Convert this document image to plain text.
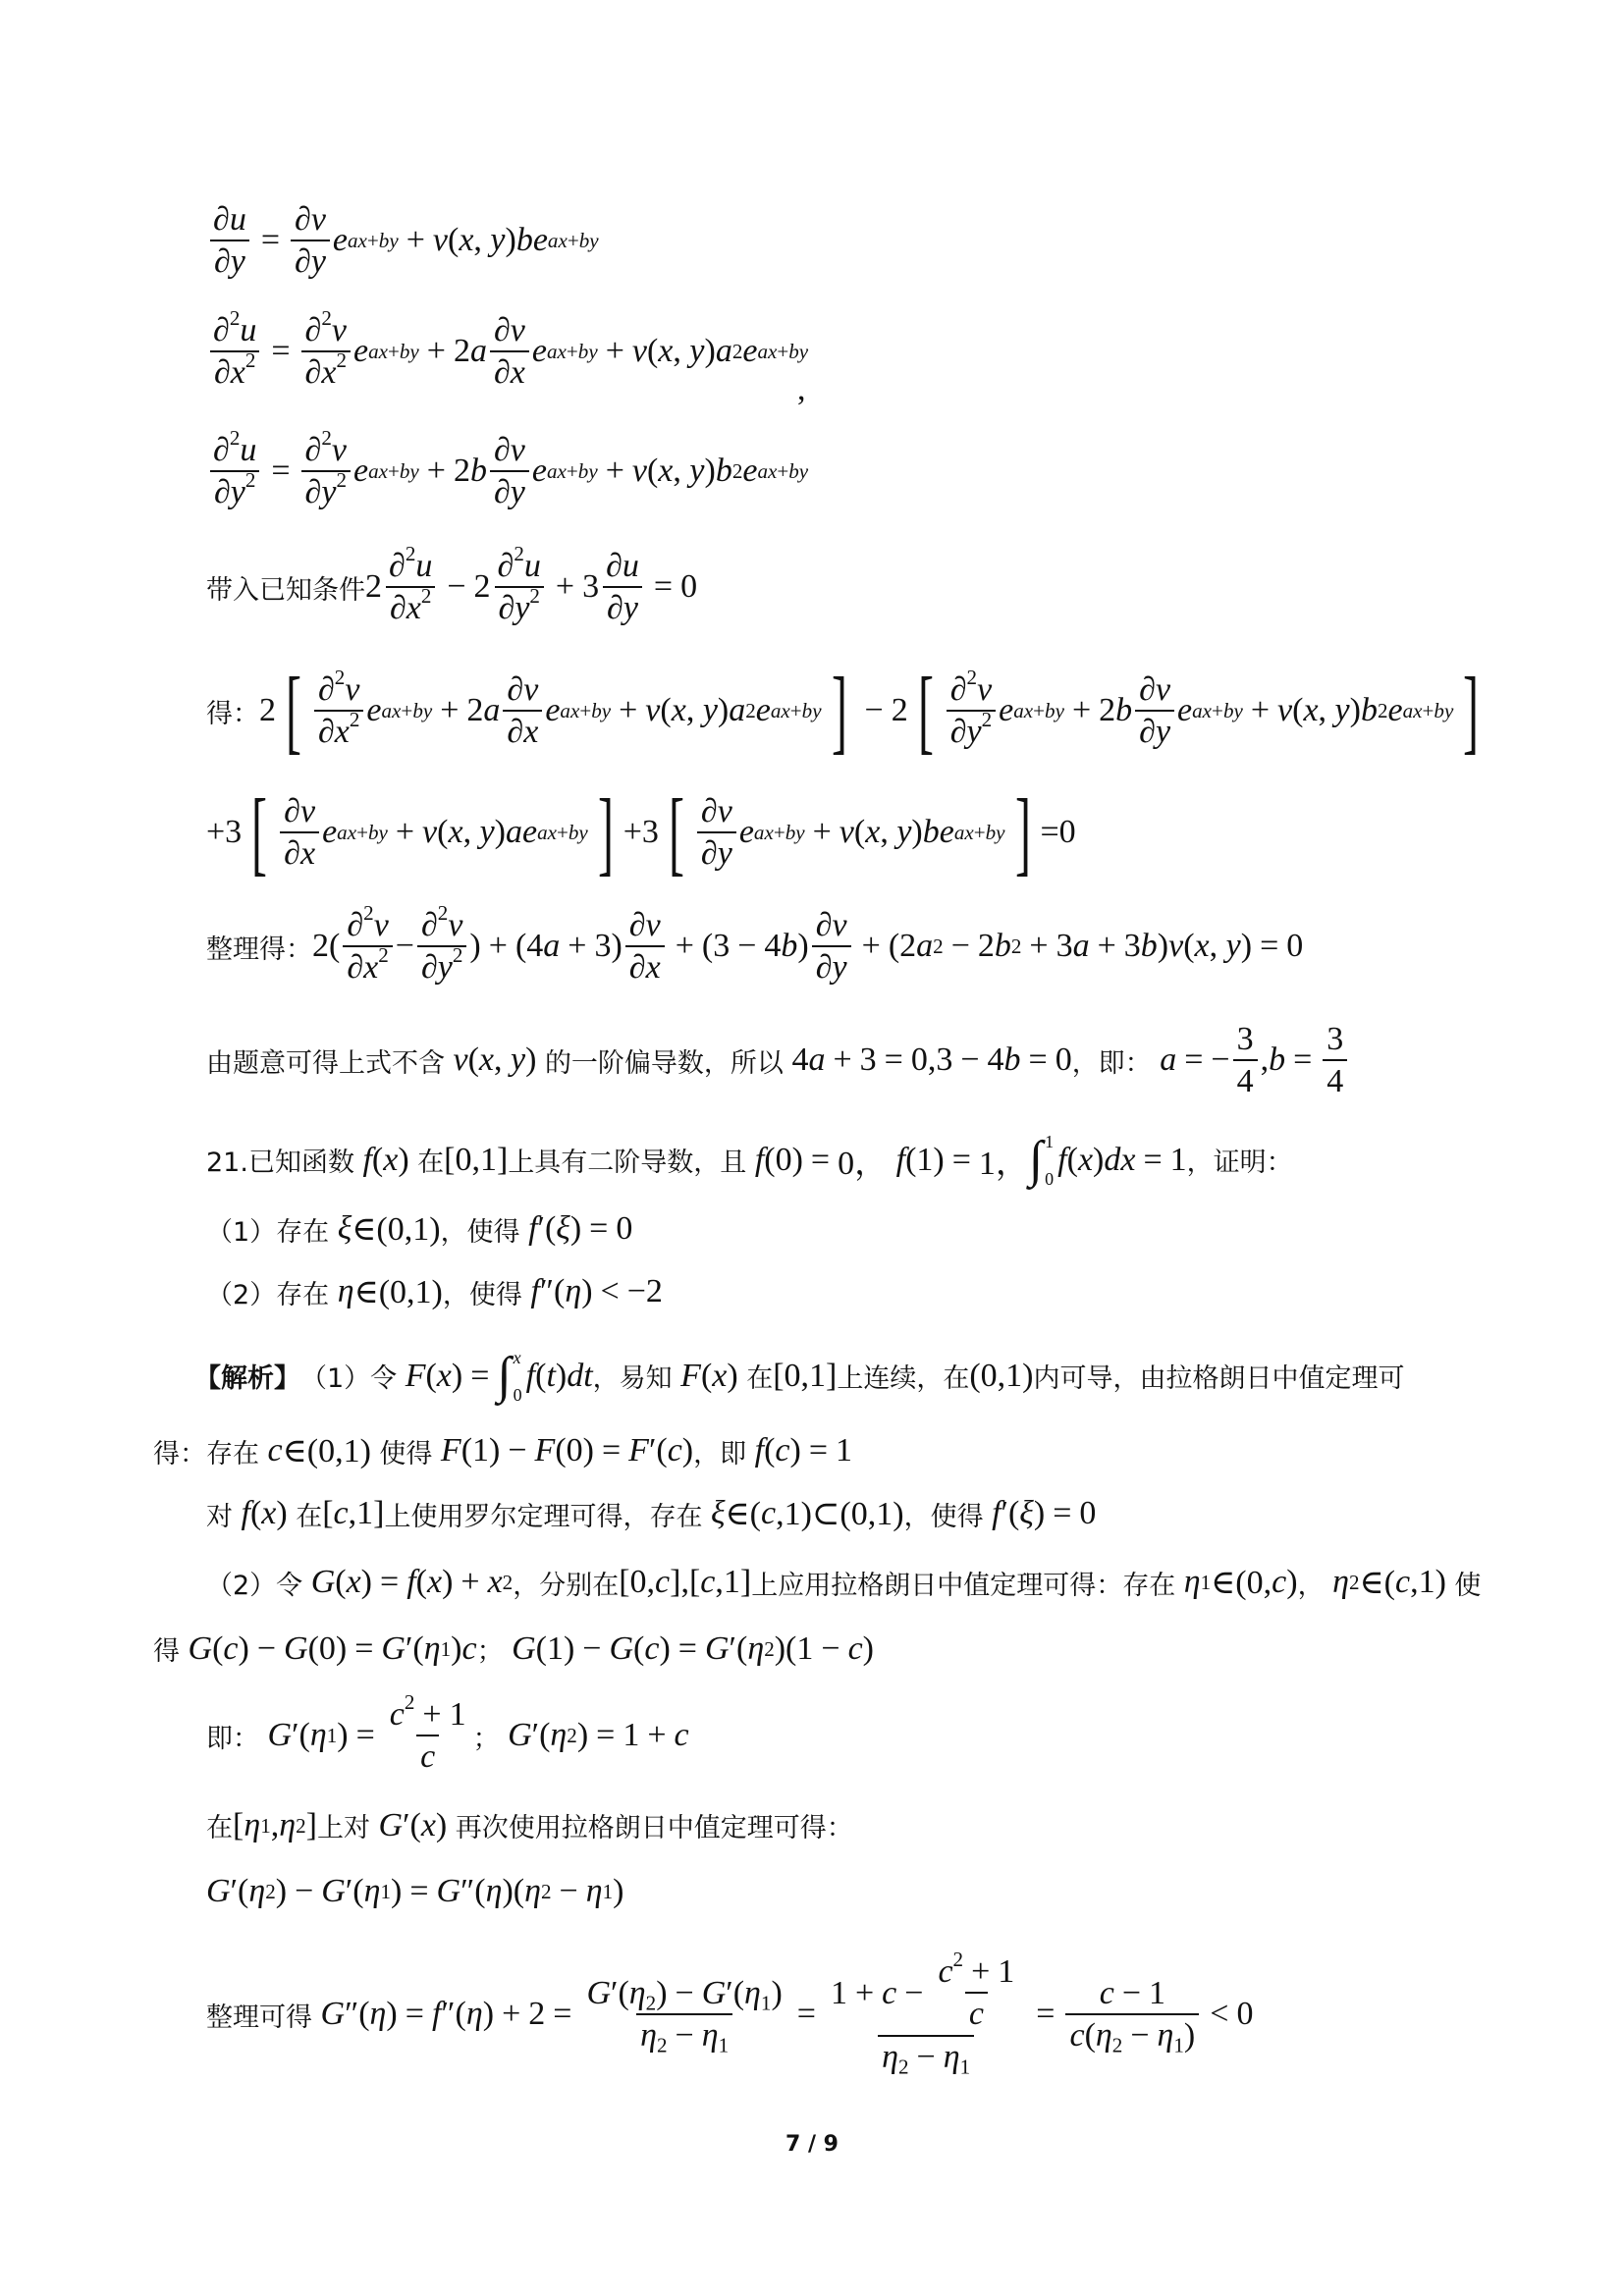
$\frac{\partial u}{\partial y} = \frac{\partial v}{\partial y}$ e ax+by + v ( x , y ) be ax+by
$\frac{\partial^2u}{\partial x^2} = \frac{\partial^2v}{\partial x^2}$ e ax+by + 2 a $\frac{\partial v}{\partial x}$ e ax+by + v ( x , y ) a 2 e ax+by
,
$\frac{\partial^2u}{\partial y^2} = \frac{\partial^2v}{\partial y^2}$ e ax+by + 2 b $\frac{\partial v}{\partial y}$ e ax+by + v ( x , y ) b 2 e ax+by
带入已知条件 $2 \frac{\partial^2u}{\partial x^2} - 2 \frac{\partial^2u}{\partial y^2} + 3 \frac{\partial u}{\partial y} = 0$
得： 2 [ $\frac{\partial^2v}{\partial x^2}$ e ax+by + 2 a $\frac{\partial v}{\partial x}$ e ax+by + v ( x , y ) a 2 e ax+by ] − 2 [ $\frac{\partial^2v}{\partial y^2}$ e ax+by + 2 b $\frac{\partial v}{\partial y}$ e ax+by + v ( x , y ) b 2 e ax+by ]
+3 [ $\frac{\partial v}{\partial x}$ e ax+by + v ( x , y ) ae ax+by ] +3 [ $\frac{\partial v}{\partial y}$ e ax+by + v ( x , y ) be ax+by ] =0
整理得： $2( \frac{\partial^2v}{\partial x^2} - \frac{\partial^2v}{\partial y^2}$ ) + (4 $a + 3) \frac{\partial v}{\partial x} + (3 - 4$ b ) $\frac{\partial v}{\partial y} + (2$ a 2 − 2 b 2 + 3 a + 3 b ) v ( x , y ) = 0
由题意可得上式不含
v ( x , y ) 的一阶偏导数，所以 4 a + 3 = 0,3 − 4 b = 0 ，即：
a = − $\frac{3}{4}$ , $b = \frac{3}{4}$
21.已知函数
f ( x ) 在 [0,1] 上具有二阶导数，且
f (0) = 0， f (1) = 1， ∫ 1
0
f ( x ) dx = 1 ，证明：
（1）存在
ξ ∈(0,1) ，使得
f ′( ξ ) = 0
（2）存在
η ∈(0,1) ，使得
f ″( η ) < −2
【解析】 （1）令
F ( x ) = ∫ x
0
f ( t ) dt ，易知
F ( x ) 在 [0,1] 上连续，在 (0,1) 内可导，由拉格朗日中值定理可
得：存在
c ∈(0,1) 使得
F (1) − F (0) = F ′( c ) ，即
f ( c ) = 1
对
f ( x ) 在 [ c ,1] 上使用罗尔定理可得，存在
ξ ∈( c ,1)⊂(0,1) ，使得
f ′( ξ ) = 0
（2）令
G ( x ) = f ( x ) + x 2 ，分别在 [0, c ],[ c ,1] 上应用拉格朗日中值定理可得：存在
η 1 ∈(0, c ) ，
η 2 ∈( c ,1) 使
得
G ( c ) − G (0) = G ′( η 1 ) c ；
G (1) − G ( c ) = G ′( η 2 )(1 − c )
即：
G ′( η 1 ) = $\frac{c^2 + 1}{c}$ ；
G ′( η 2 ) = 1 + c
在 [ η 1 , η 2 ] 上对
G ′( x ) 再次使用拉格朗日中值定理可得：
G ′( η 2 ) − G ′( η 1 ) = G ″( η )( η 2 − η 1 )
整理可得
G ″( η ) = f ″( η ) + $2 = \frac{G'(\eta_2) - G'(\eta_1)}{\eta_2 - \eta_1} = \frac{1 + c - \frac{c^2 + 1}{c}}{\eta_2 - \eta_1} = \frac{c - 1}{c(\eta_2 - \eta_1)} < 0$
7 / 9
